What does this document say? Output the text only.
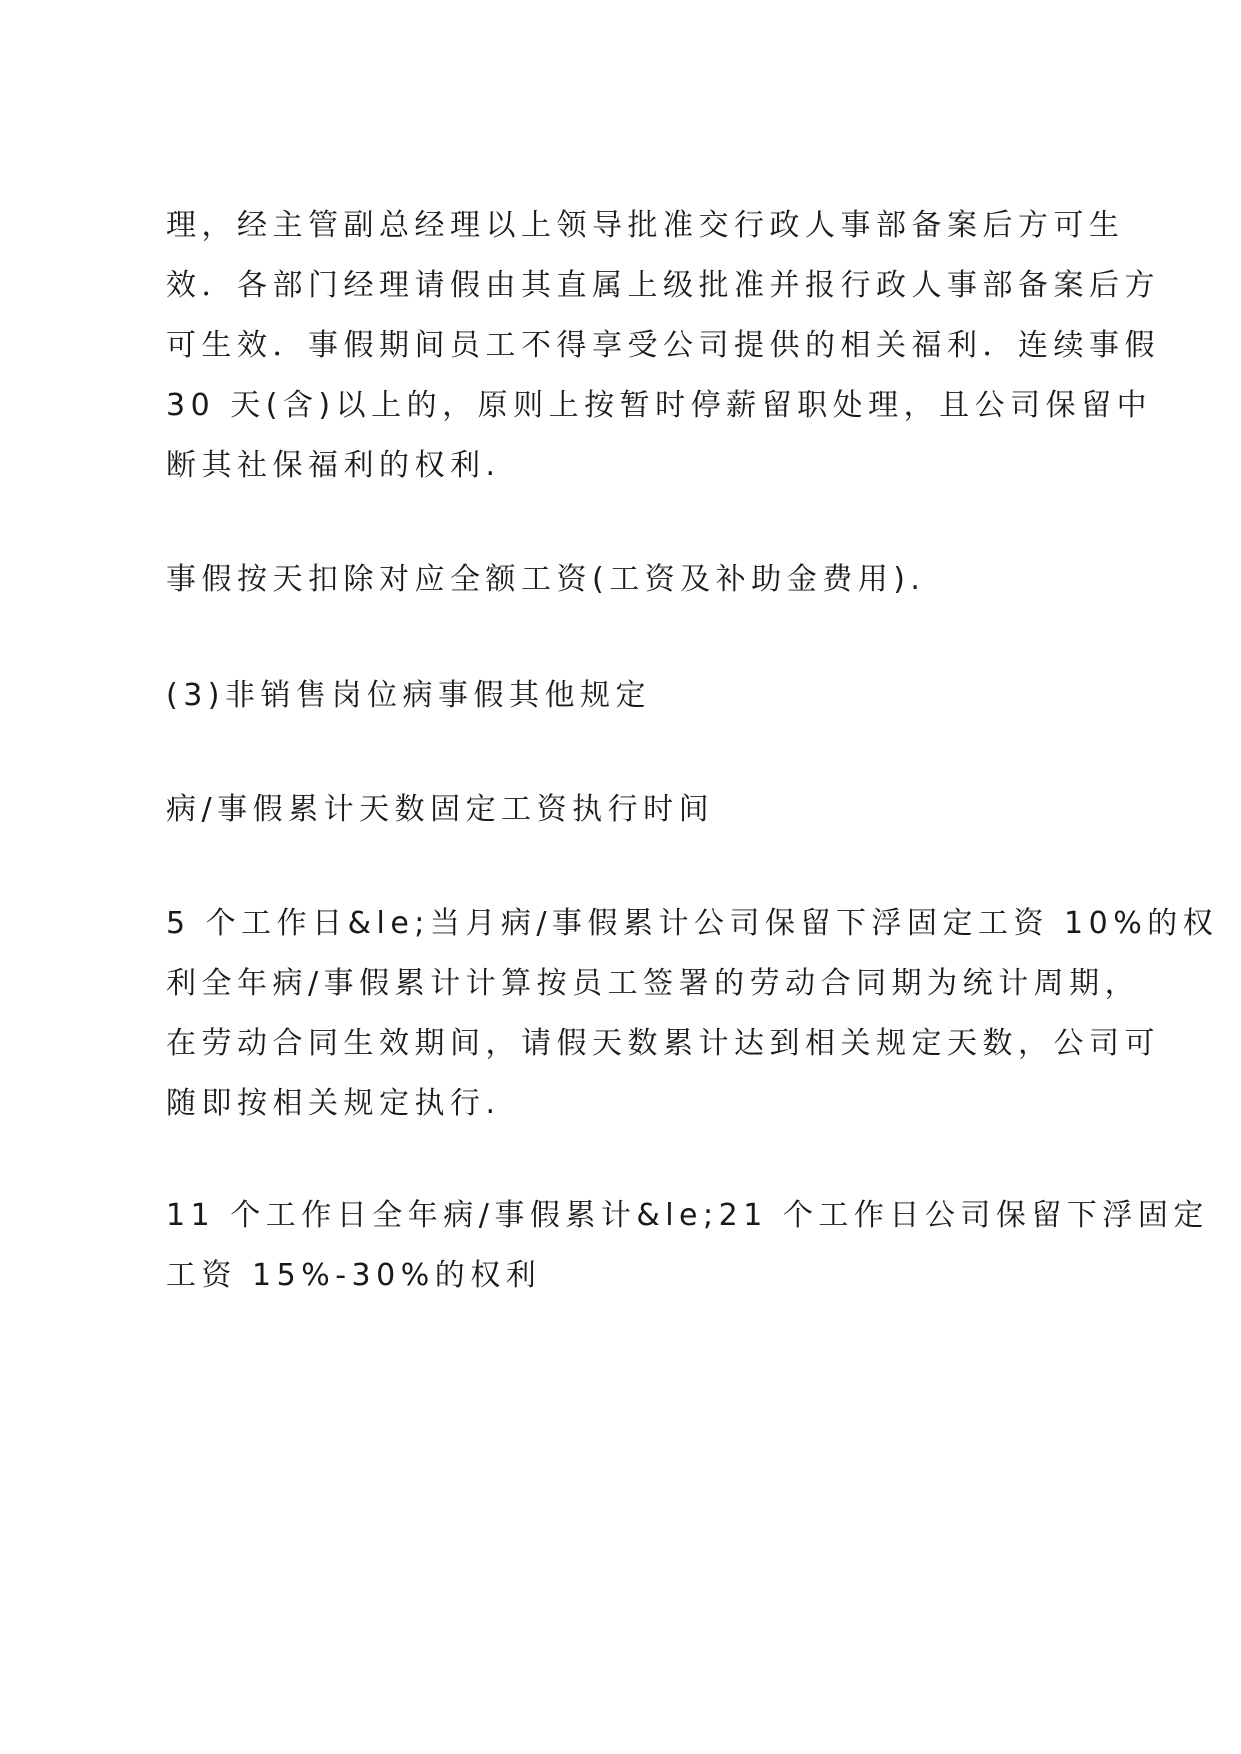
理，经主管副总经理以上领导批准交行政人事部备案后方可生
效．各部门经理请假由其直属上级批准并报行政人事部备案后方
可生效．事假期间员工不得享受公司提供的相关福利．连续事假
30 天(含)以上的，原则上按暂时停薪留职处理，且公司保留中
断其社保福利的权利.
事假按天扣除对应全额工资(工资及补助金费用).
(3)非销售岗位病事假其他规定
病/事假累计天数固定工资执行时间
5 个工作日&le;当月病/事假累计公司保留下浮固定工资 10%的权
利全年病/事假累计计算按员工签署的劳动合同期为统计周期，
在劳动合同生效期间，请假天数累计达到相关规定天数，公司可
随即按相关规定执行.
11 个工作日全年病/事假累计&le;21 个工作日公司保留下浮固定
工资 15%-30%的权利
